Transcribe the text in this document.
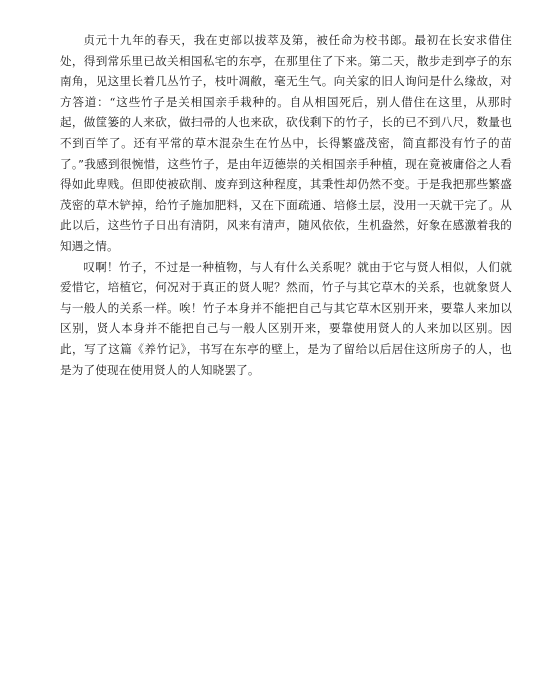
贞元十九年的春天，我在吏部以拔萃及第，被任命为校书郎。最初在长安求借住处，得到常乐里已故关相国私宅的东亭，在那里住了下来。第二天，散步走到亭子的东南角，见这里长着几丛竹子，枝叶凋敝，毫无生气。向关家的旧人询问是什么缘故，对方答道：“这些竹子是关相国亲手栽种的。自从相国死后，别人借住在这里，从那时起，做筐篓的人来砍，做扫帚的人也来砍，砍伐剩下的竹子，长的已不到八尺，数量也不到百竿了。还有平常的草木混杂生在竹丛中，长得繁盛茂密，简直都没有竹子的苗了。”我感到很惋惜，这些竹子，是由年迈德崇的关相国亲手种植，现在竟被庸俗之人看得如此卑贱。但即使被砍削、废弃到这种程度，其秉性却仍然不变。于是我把那些繁盛茂密的草木铲掉，给竹子施加肥料，又在下面疏通、培修土层，没用一天就干完了。从此以后，这些竹子日出有清阴，风来有清声，随风依依，生机盎然，好象在感激着我的知遇之情。

叹啊！竹子，不过是一种植物，与人有什么关系呢？就由于它与贤人相似，人们就爱惜它，培植它，何况对于真正的贤人呢？然而，竹子与其它草木的关系，也就象贤人与一般人的关系一样。唉！竹子本身并不能把自己与其它草木区别开来，要靠人来加以区别，贤人本身并不能把自己与一般人区别开来，要靠使用贤人的人来加以区别。因此，写了这篇《养竹记》，书写在东亭的壁上，是为了留给以后居住这所房子的人，也是为了使现在使用贤人的人知晓罢了。
